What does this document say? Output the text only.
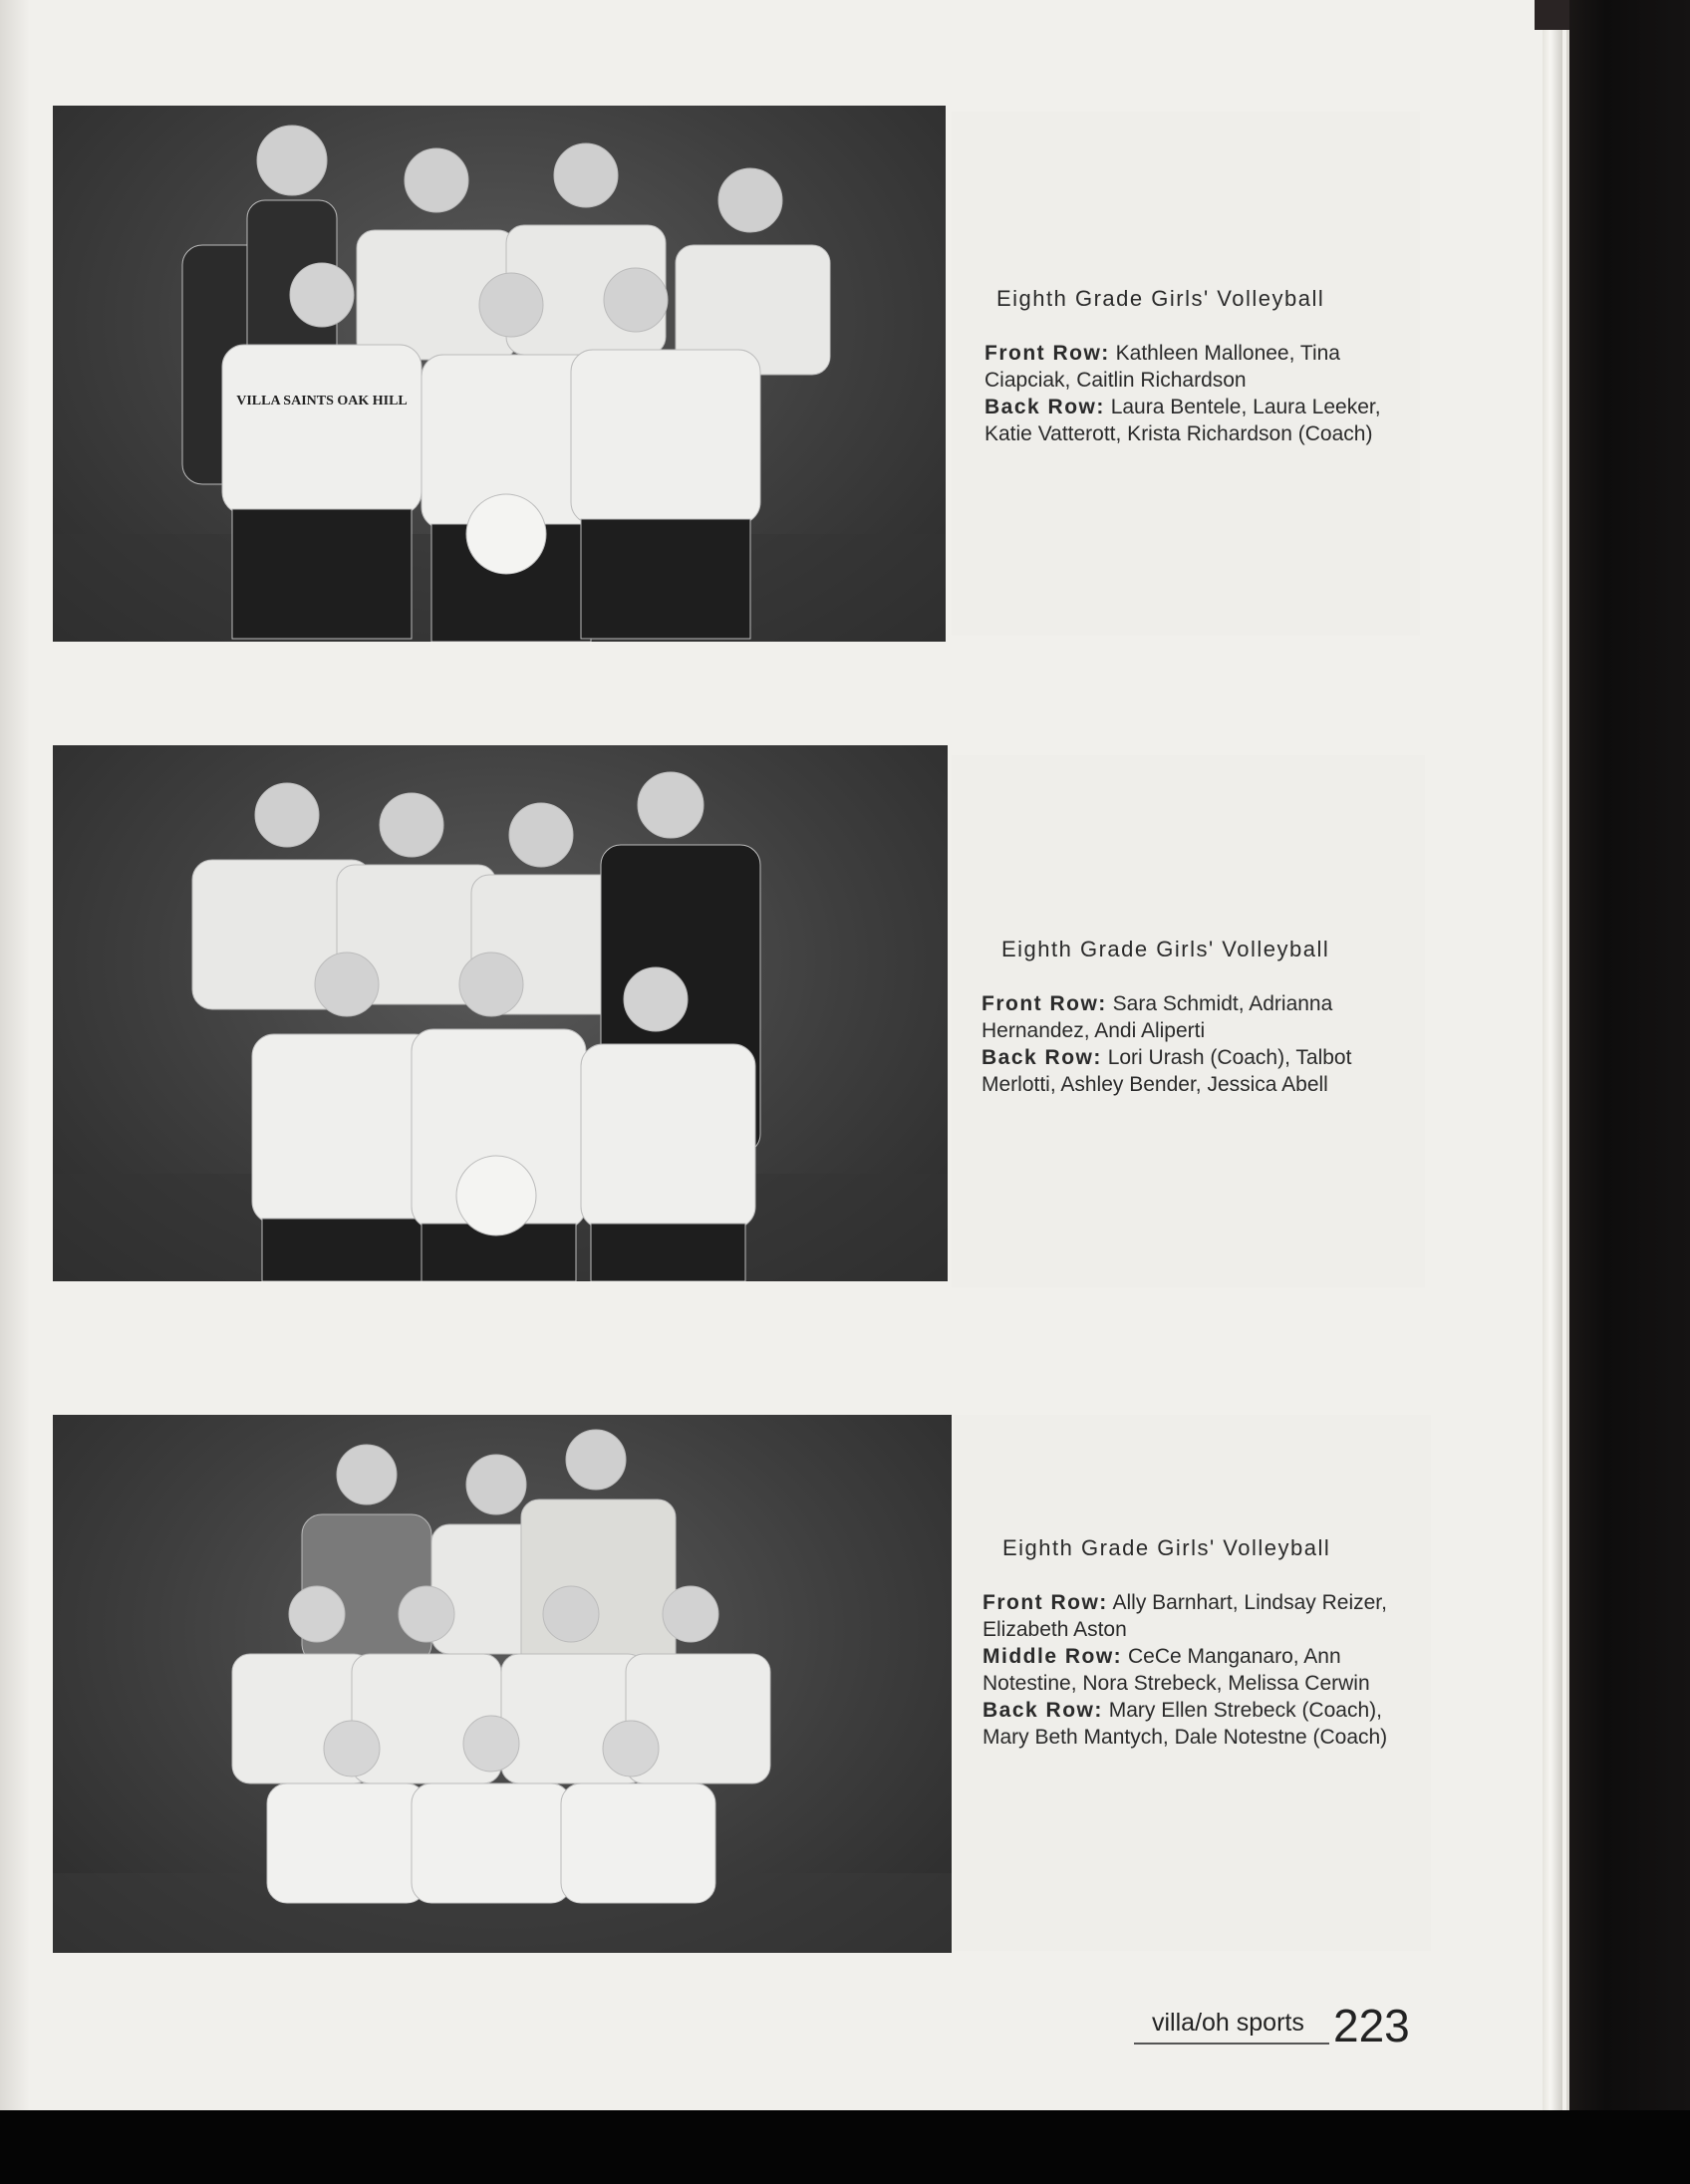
VILLA SAINTS OAK HILL

Eighth Grade Girls' Volleyball

Front Row: Kathleen Mallonee, Tina Ciapciak, Caitlin Richardson

Back Row: Laura Bentele, Laura Leeker, Katie Vatterott, Krista Richardson (Coach)

Eighth Grade Girls' Volleyball

Front Row: Sara Schmidt, Adrianna Hernandez, Andi Aliperti

Back Row: Lori Urash (Coach), Talbot Merlotti, Ashley Bender, Jessica Abell

Eighth Grade Girls' Volleyball

Front Row: Ally Barnhart, Lindsay Reizer, Elizabeth Aston

Middle Row: CeCe Manganaro, Ann Notestine, Nora Strebeck, Melissa Cerwin

Back Row: Mary Ellen Strebeck (Coach), Mary Beth Mantych, Dale Notestne (Coach)

villa/oh sports 223
